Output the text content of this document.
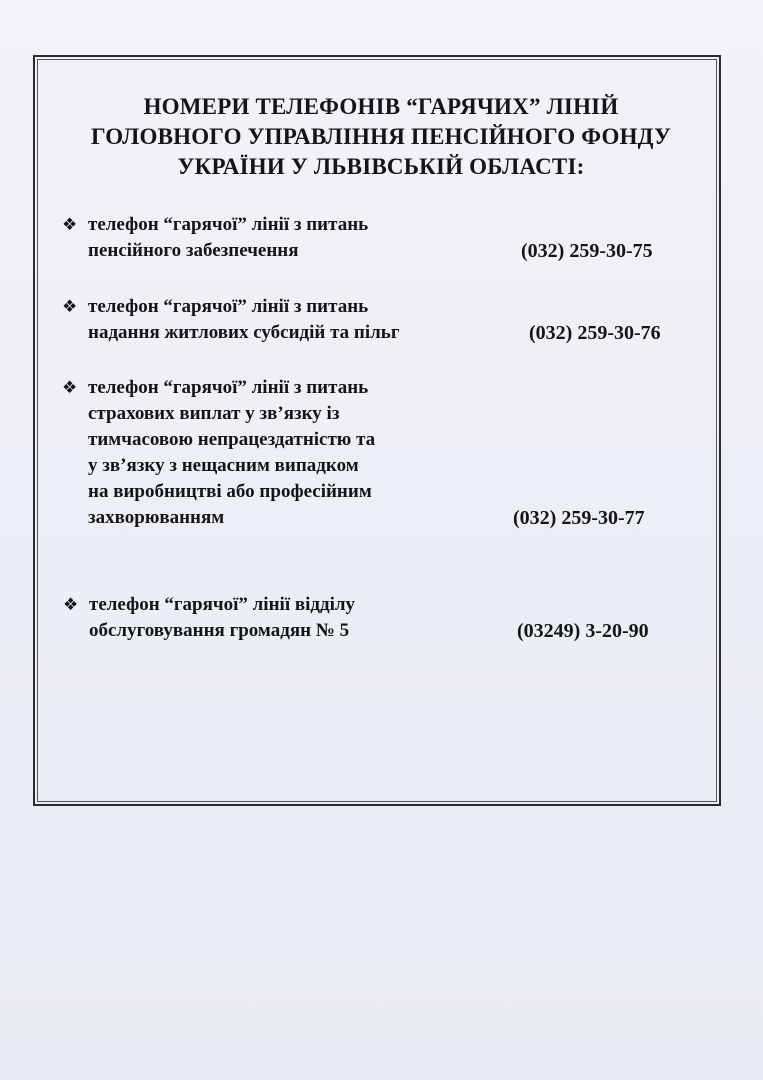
НОМЕРИ ТЕЛЕФОНІВ “ГАРЯЧИХ” ЛІНІЙ
ГОЛОВНОГО УПРАВЛІННЯ ПЕНСІЙНОГО ФОНДУ
УКРАЇНИ У ЛЬВІВСЬКІЙ ОБЛАСТІ:
❖ телефон “гарячої” лінії з питань
пенсійного забезпечення	(032) 259-30-75
❖ телефон “гарячої” лінії з питань
надання житлових субсидій та пільг	(032) 259-30-76
❖ телефон “гарячої” лінії з питань
страхових виплат у зв’язку із
тимчасовою непрацездатністю та
у зв’язку з нещасним випадком
на виробництві або професійним
захворюванням	(032) 259-30-77
❖ телефон “гарячої” лінії відділу
обслуговування громадян № 5	(03249) 3-20-90
